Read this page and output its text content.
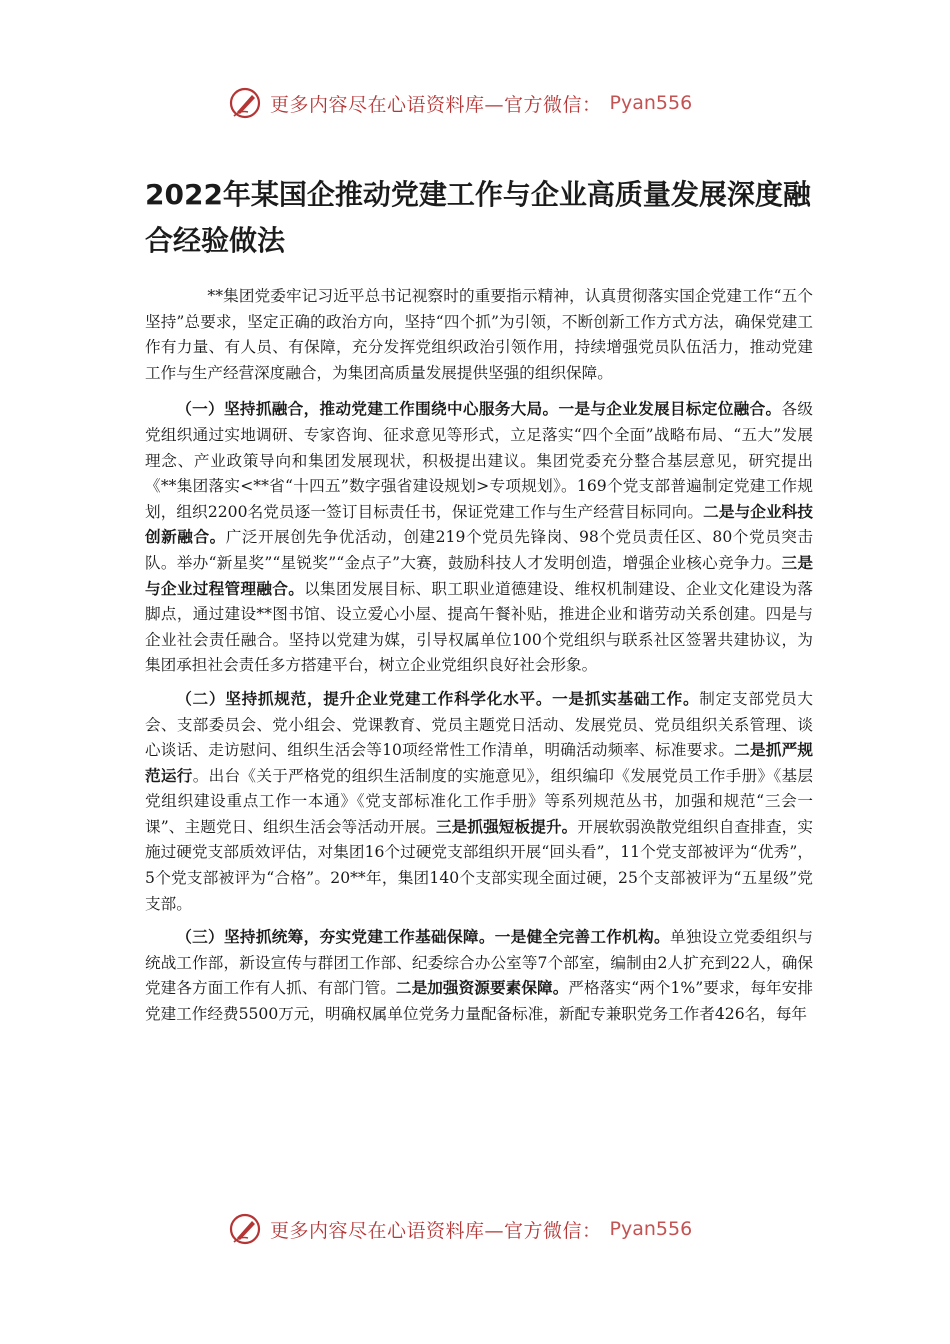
更多内容尽在心语资料库—官方微信： Pyan556
2022年某国企推动党建工作与企业高质量发展深度融合经验做法

**集团党委牢记习近平总书记视察时的重要指示精神，认真贯彻落实国企党建工作“五个坚持”总要求，坚定正确的政治方向，坚持“四个抓”为引领，不断创新工作方式方法，确保党建工作有力量、有人员、有保障，充分发挥党组织政治引领作用，持续增强党员队伍活力，推动党建工作与生产经营深度融合，为集团高质量发展提供坚强的组织保障。

（一）坚持抓融合，推动党建工作围绕中心服务大局。一是与企业发展目标定位融合。各级党组织通过实地调研、专家咨询、征求意见等形式，立足落实“四个全面”战略布局、“五大”发展理念、产业政策导向和集团发展现状，积极提出建议。集团党委充分整合基层意见，研究提出《**集团落实<**省“十四五”数字强省建设规划>专项规划》。169个党支部普遍制定党建工作规划，组织2200名党员逐一签订目标责任书，保证党建工作与生产经营目标同向。二是与企业科技创新融合。广泛开展创先争优活动，创建219个党员先锋岗、98个党员责任区、80个党员突击队。举办“新星奖”“星锐奖”“金点子”大赛，鼓励科技人才发明创造，增强企业核心竞争力。三是与企业过程管理融合。以集团发展目标、职工职业道德建设、维权机制建设、企业文化建设为落脚点，通过建设**图书馆、设立爱心小屋、提高午餐补贴，推进企业和谐劳动关系创建。四是与企业社会责任融合。坚持以党建为媒，引导权属单位100个党组织与联系社区签署共建协议，为集团承担社会责任多方搭建平台，树立企业党组织良好社会形象。

（二）坚持抓规范，提升企业党建工作科学化水平。一是抓实基础工作。制定支部党员大会、支部委员会、党小组会、党课教育、党员主题党日活动、发展党员、党员组织关系管理、谈心谈话、走访慰问、组织生活会等10项经常性工作清单，明确活动频率、标准要求。二是抓严规范运行。出台《关于严格党的组织生活制度的实施意见》，组织编印《发展党员工作手册》《基层党组织建设重点工作一本通》《党支部标准化工作手册》等系列规范丛书，加强和规范“三会一课”、主题党日、组织生活会等活动开展。三是抓强短板提升。开展软弱涣散党组织自查排查，实施过硬党支部质效评估，对集团16个过硬党支部组织开展“回头看”，11个党支部被评为“优秀”，5个党支部被评为“合格”。20**年，集团140个支部实现全面过硬，25个支部被评为“五星级”党支部。

（三）坚持抓统筹，夯实党建工作基础保障。一是健全完善工作机构。单独设立党委组织与统战工作部，新设宣传与群团工作部、纪委综合办公室等7个部室，编制由2人扩充到22人，确保党建各方面工作有人抓、有部门管。二是加强资源要素保障。严格落实“两个1%”要求，每年安排党建工作经费5500万元，明确权属单位党务力量配备标准，新配专兼职党务工作者426名，每年

更多内容尽在心语资料库—官方微信： Pyan556
